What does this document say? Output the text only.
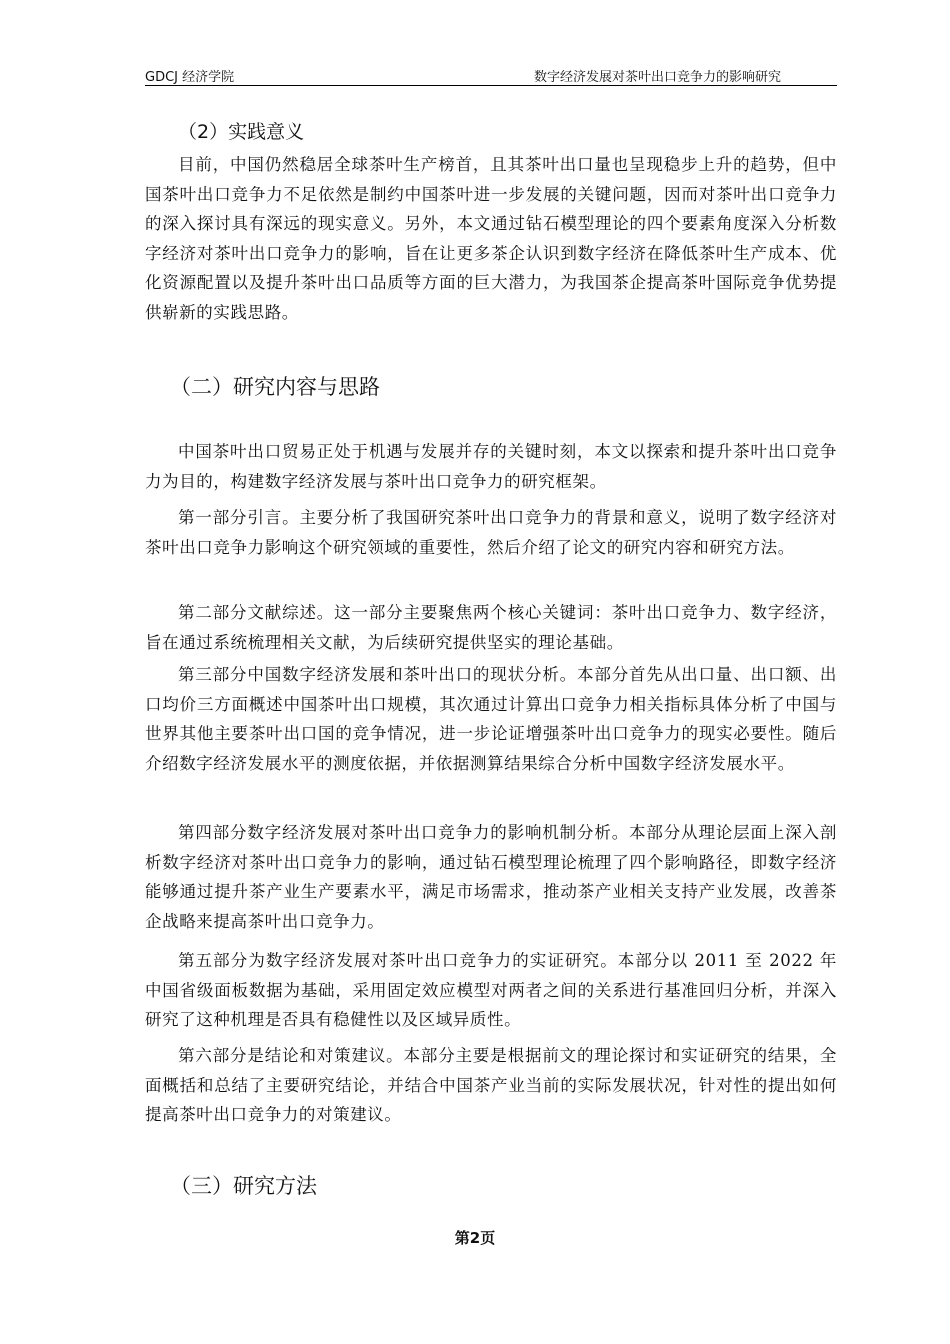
GDCJ 经济学院	数字经济发展对茶叶出口竞争力的影响研究
（2）实践意义

目前，中国仍然稳居全球茶叶生产榜首，且其茶叶出口量也呈现稳步上升的趋势，但中国茶叶出口竞争力不足依然是制约中国茶叶进一步发展的关键问题，因而对茶叶出口竞争力的深入探讨具有深远的现实意义。另外，本文通过钻石模型理论的四个要素角度深入分析数字经济对茶叶出口竞争力的影响，旨在让更多茶企认识到数字经济在降低茶叶生产成本、优化资源配置以及提升茶叶出口品质等方面的巨大潜力，为我国茶企提高茶叶国际竞争优势提供崭新的实践思路。

（二）研究内容与思路

中国茶叶出口贸易正处于机遇与发展并存的关键时刻，本文以探索和提升茶叶出口竞争力为目的，构建数字经济发展与茶叶出口竞争力的研究框架。

第一部分引言。主要分析了我国研究茶叶出口竞争力的背景和意义，说明了数字经济对茶叶出口竞争力影响这个研究领域的重要性，然后介绍了论文的研究内容和研究方法。

第二部分文献综述。这一部分主要聚焦两个核心关键词：茶叶出口竞争力、数字经济，旨在通过系统梳理相关文献，为后续研究提供坚实的理论基础。

第三部分中国数字经济发展和茶叶出口的现状分析。本部分首先从出口量、出口额、出口均价三方面概述中国茶叶出口规模，其次通过计算出口竞争力相关指标具体分析了中国与世界其他主要茶叶出口国的竞争情况，进一步论证增强茶叶出口竞争力的现实必要性。随后介绍数字经济发展水平的测度依据，并依据测算结果综合分析中国数字经济发展水平。

第四部分数字经济发展对茶叶出口竞争力的影响机制分析。本部分从理论层面上深入剖析数字经济对茶叶出口竞争力的影响，通过钻石模型理论梳理了四个影响路径，即数字经济能够通过提升茶产业生产要素水平，满足市场需求，推动茶产业相关支持产业发展，改善茶企战略来提高茶叶出口竞争力。

第五部分为数字经济发展对茶叶出口竞争力的实证研究。本部分以 2011 至 2022 年中国省级面板数据为基础，采用固定效应模型对两者之间的关系进行基准回归分析，并深入研究了这种机理是否具有稳健性以及区域异质性。

第六部分是结论和对策建议。本部分主要是根据前文的理论探讨和实证研究的结果，全面概括和总结了主要研究结论，并结合中国茶产业当前的实际发展状况，针对性的提出如何提高茶叶出口竞争力的对策建议。

（三）研究方法
第2页
